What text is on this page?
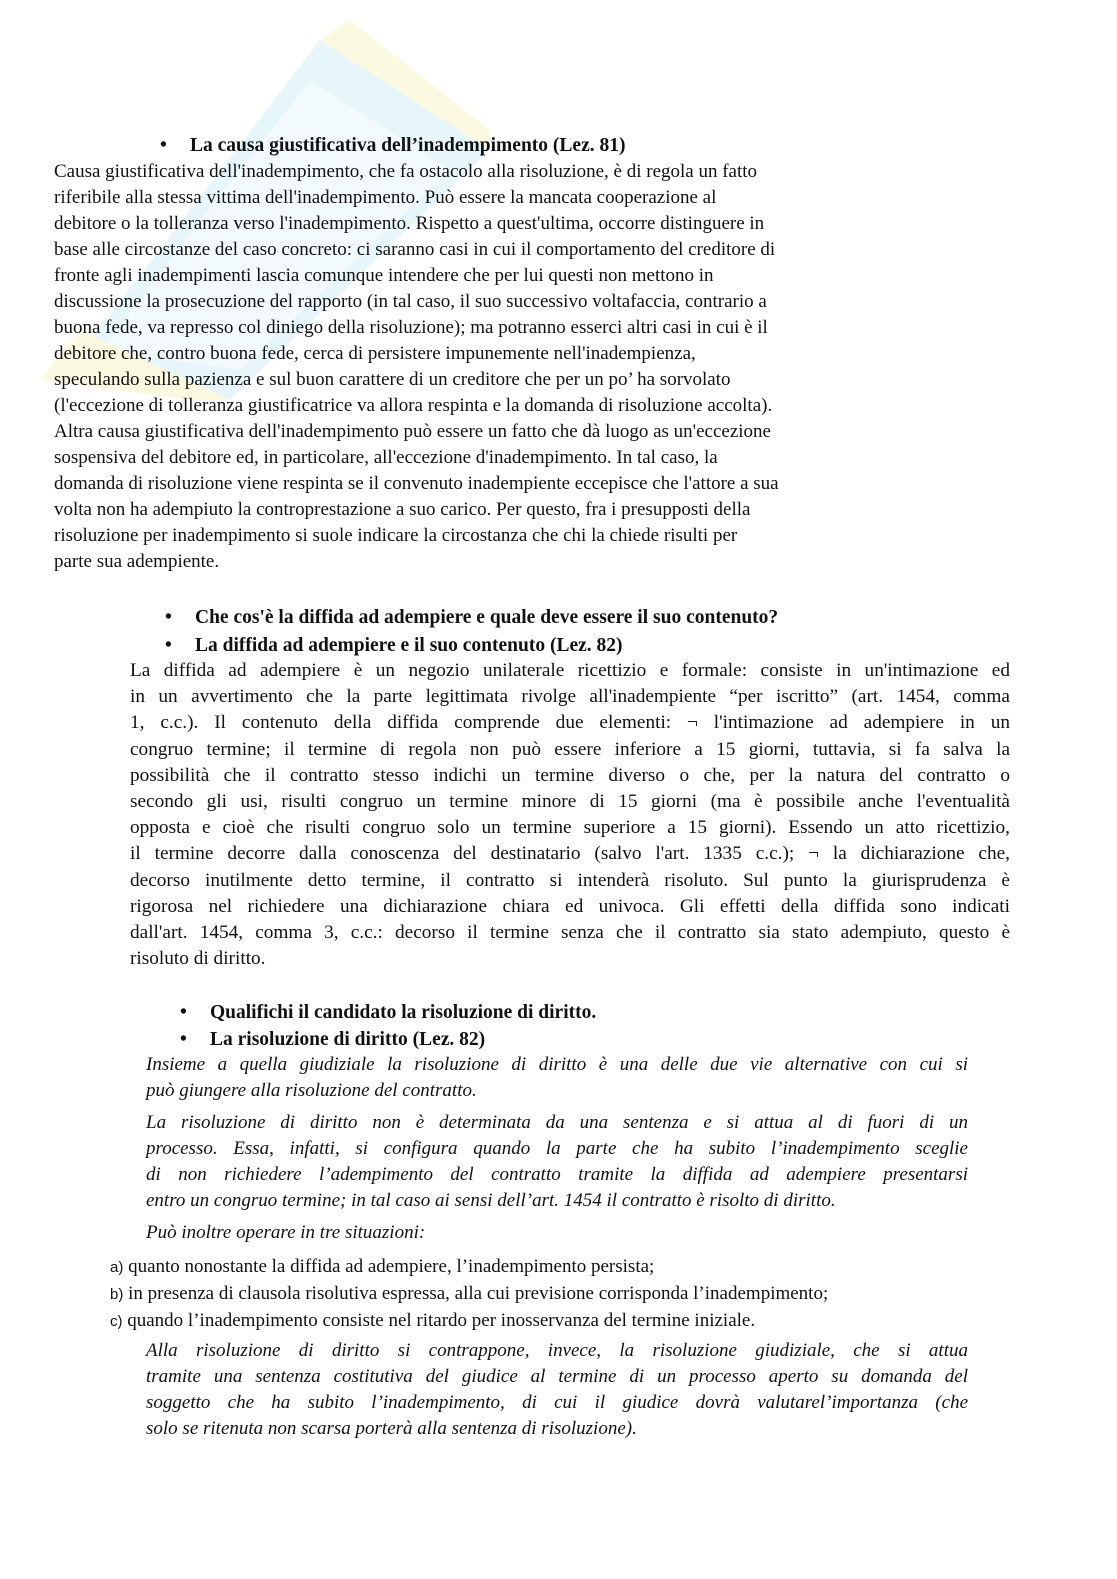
• La causa giustificativa dell’inadempimento (Lez. 81)

Causa giustificativa dell'inadempimento, che fa ostacolo alla risoluzione, è di regola un fatto

riferibile alla stessa vittima dell'inadempimento. Può essere la mancata cooperazione al

debitore o la tolleranza verso l'inadempimento. Rispetto a quest'ultima, occorre distinguere in

base alle circostanze del caso concreto: ci saranno casi in cui il comportamento del creditore di

fronte agli inadempimenti lascia comunque intendere che per lui questi non mettono in

discussione la prosecuzione del rapporto (in tal caso, il suo successivo voltafaccia, contrario a

buona fede, va represso col diniego della risoluzione); ma potranno esserci altri casi in cui è il

debitore che, contro buona fede, cerca di persistere impunemente nell'inadempienza,

speculando sulla pazienza e sul buon carattere di un creditore che per un po’ ha sorvolato

(l'eccezione di tolleranza giustificatrice va allora respinta e la domanda di risoluzione accolta).

Altra causa giustificativa dell'inadempimento può essere un fatto che dà luogo as un'eccezione

sospensiva del debitore ed, in particolare, all'eccezione d'inadempimento. In tal caso, la

domanda di risoluzione viene respinta se il convenuto inadempiente eccepisce che l'attore a sua

volta non ha adempiuto la controprestazione a suo carico. Per questo, fra i presupposti della

risoluzione per inadempimento si suole indicare la circostanza che chi la chiede risulti per

parte sua adempiente.

• Che cos'è la diffida ad adempiere e quale deve essere il suo contenuto?
• La diffida ad adempiere e il suo contenuto (Lez. 82)

La diffida ad adempiere è un negozio unilaterale ricettizio e formale: consiste in un'intimazione ed

in un avvertimento che la parte legittimata rivolge all'inadempiente “per iscritto” (art. 1454, comma

1, c.c.). Il contenuto della diffida comprende due elementi: ¬ l'intimazione ad adempiere in un

congruo termine; il termine di regola non può essere inferiore a 15 giorni, tuttavia, si fa salva la

possibilità che il contratto stesso indichi un termine diverso o che, per la natura del contratto o

secondo gli usi, risulti congruo un termine minore di 15 giorni (ma è possibile anche l'eventualità

opposta e cioè che risulti congruo solo un termine superiore a 15 giorni). Essendo un atto ricettizio,

il termine decorre dalla conoscenza del destinatario (salvo l'art. 1335 c.c.); ¬ la dichiarazione che,

decorso inutilmente detto termine, il contratto si intenderà risoluto. Sul punto la giurisprudenza è

rigorosa nel richiedere una dichiarazione chiara ed univoca. Gli effetti della diffida sono indicati

dall'art. 1454, comma 3, c.c.: decorso il termine senza che il contratto sia stato adempiuto, questo è

risoluto di diritto.

• Qualifichi il candidato la risoluzione di diritto.
• La risoluzione di diritto (Lez. 82)

Insieme a quella giudiziale la risoluzione di diritto è una delle due vie alternative con cui si

può giungere alla risoluzione del contratto.

La risoluzione di diritto non è determinata da una sentenza e si attua al di fuori di un

processo. Essa, infatti, si configura quando la parte che ha subito l’inadempimento sceglie

di non richiedere l’adempimento del contratto tramite la diffida ad adempiere presentarsi

entro un congruo termine; in tal caso ai sensi dell’art. 1454 il contratto è risolto di diritto.

Può inoltre operare in tre situazioni:

a) quanto nonostante la diffida ad adempiere, l’inadempimento persista;
b) in presenza di clausola risolutiva espressa, alla cui previsione corrisponda l’inadempimento;
c) quando l’inadempimento consiste nel ritardo per inosservanza del termine iniziale.

Alla risoluzione di diritto si contrappone, invece, la risoluzione giudiziale, che si attua

tramite una sentenza costitutiva del giudice al termine di un processo aperto su domanda del

soggetto che ha subito l’inadempimento, di cui il giudice dovrà valutarel’importanza (che

solo se ritenuta non scarsa porterà alla sentenza di risoluzione).
